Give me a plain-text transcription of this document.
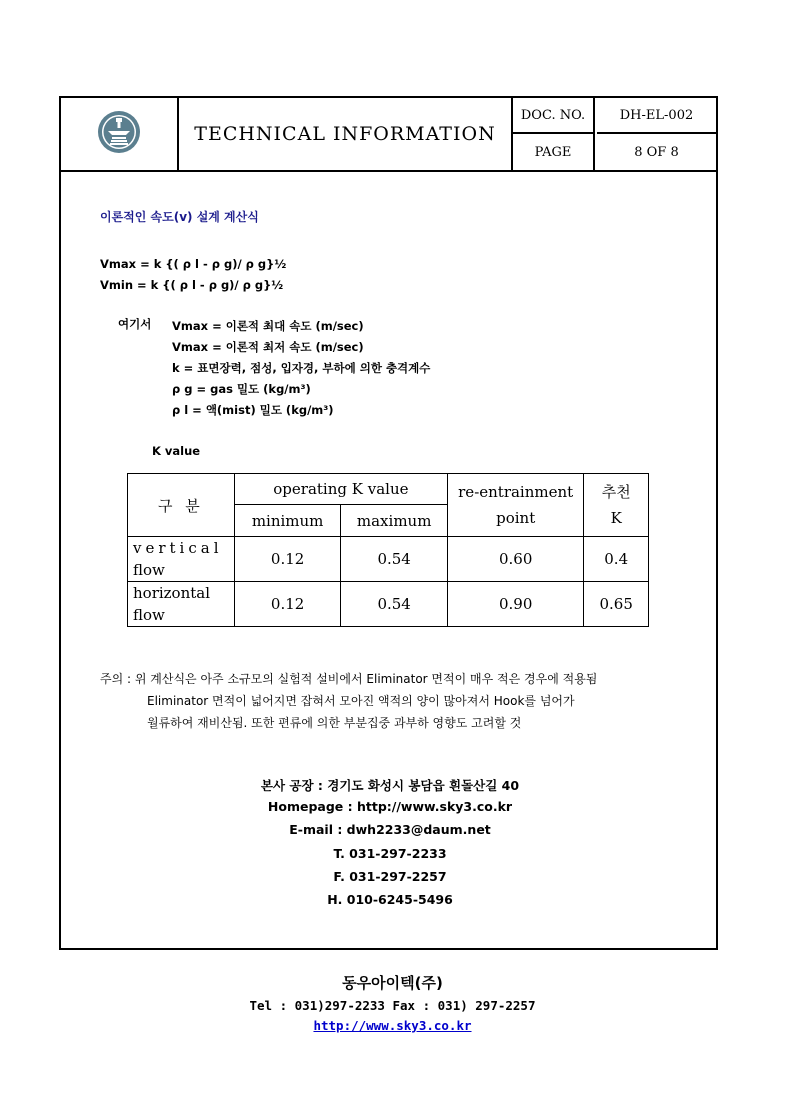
TECHNICAL INFORMATION
DOC. NO.	DH-EL-002
PAGE	8 OF 8
이론적인 속도(v) 설계 계산식
Vmax = k {( ρ l - ρ g)/ ρ g}½
Vmin = k {( ρ l - ρ g)/ ρ g}½
여기서 Vmax = 이론적 최대 속도 (m/sec)
Vmax = 이론적 최저 속도 (m/sec)
k = 표면장력, 점성, 입자경, 부하에 의한 충격계수
ρ g = gas 밀도 (kg/m³)
ρ l = 액(mist) 밀도 (kg/m³)
K value
구 분	operating K value		re-entrainment point	추천
K

	minimum	maximum		

vertical
flow	0.12	0.54	0.60	0.4

horizontal
flow	0.12	0.54	0.90	0.65
주의 : 위 계산식은 아주 소규모의 실험적 설비에서 Eliminator 면적이 매우 적은 경우에 적용됨
Eliminator 면적이 넓어지면 잡혀서 모아진 액적의 양이 많아져서 Hook를 넘어가
월류하여 재비산됨. 또한 편류에 의한 부분집중 과부하 영향도 고려할 것
본사 공장 : 경기도 화성시 봉담읍 흰돌산길 40
Homepage : http://www.sky3.co.kr
E-mail : dwh2233@daum.net
T. 031-297-2233
F. 031-297-2257
H. 010-6245-5496
동우아이텍(주)
Tel : 031)297-2233 Fax : 031) 297-2257
http://www.sky3.co.kr
